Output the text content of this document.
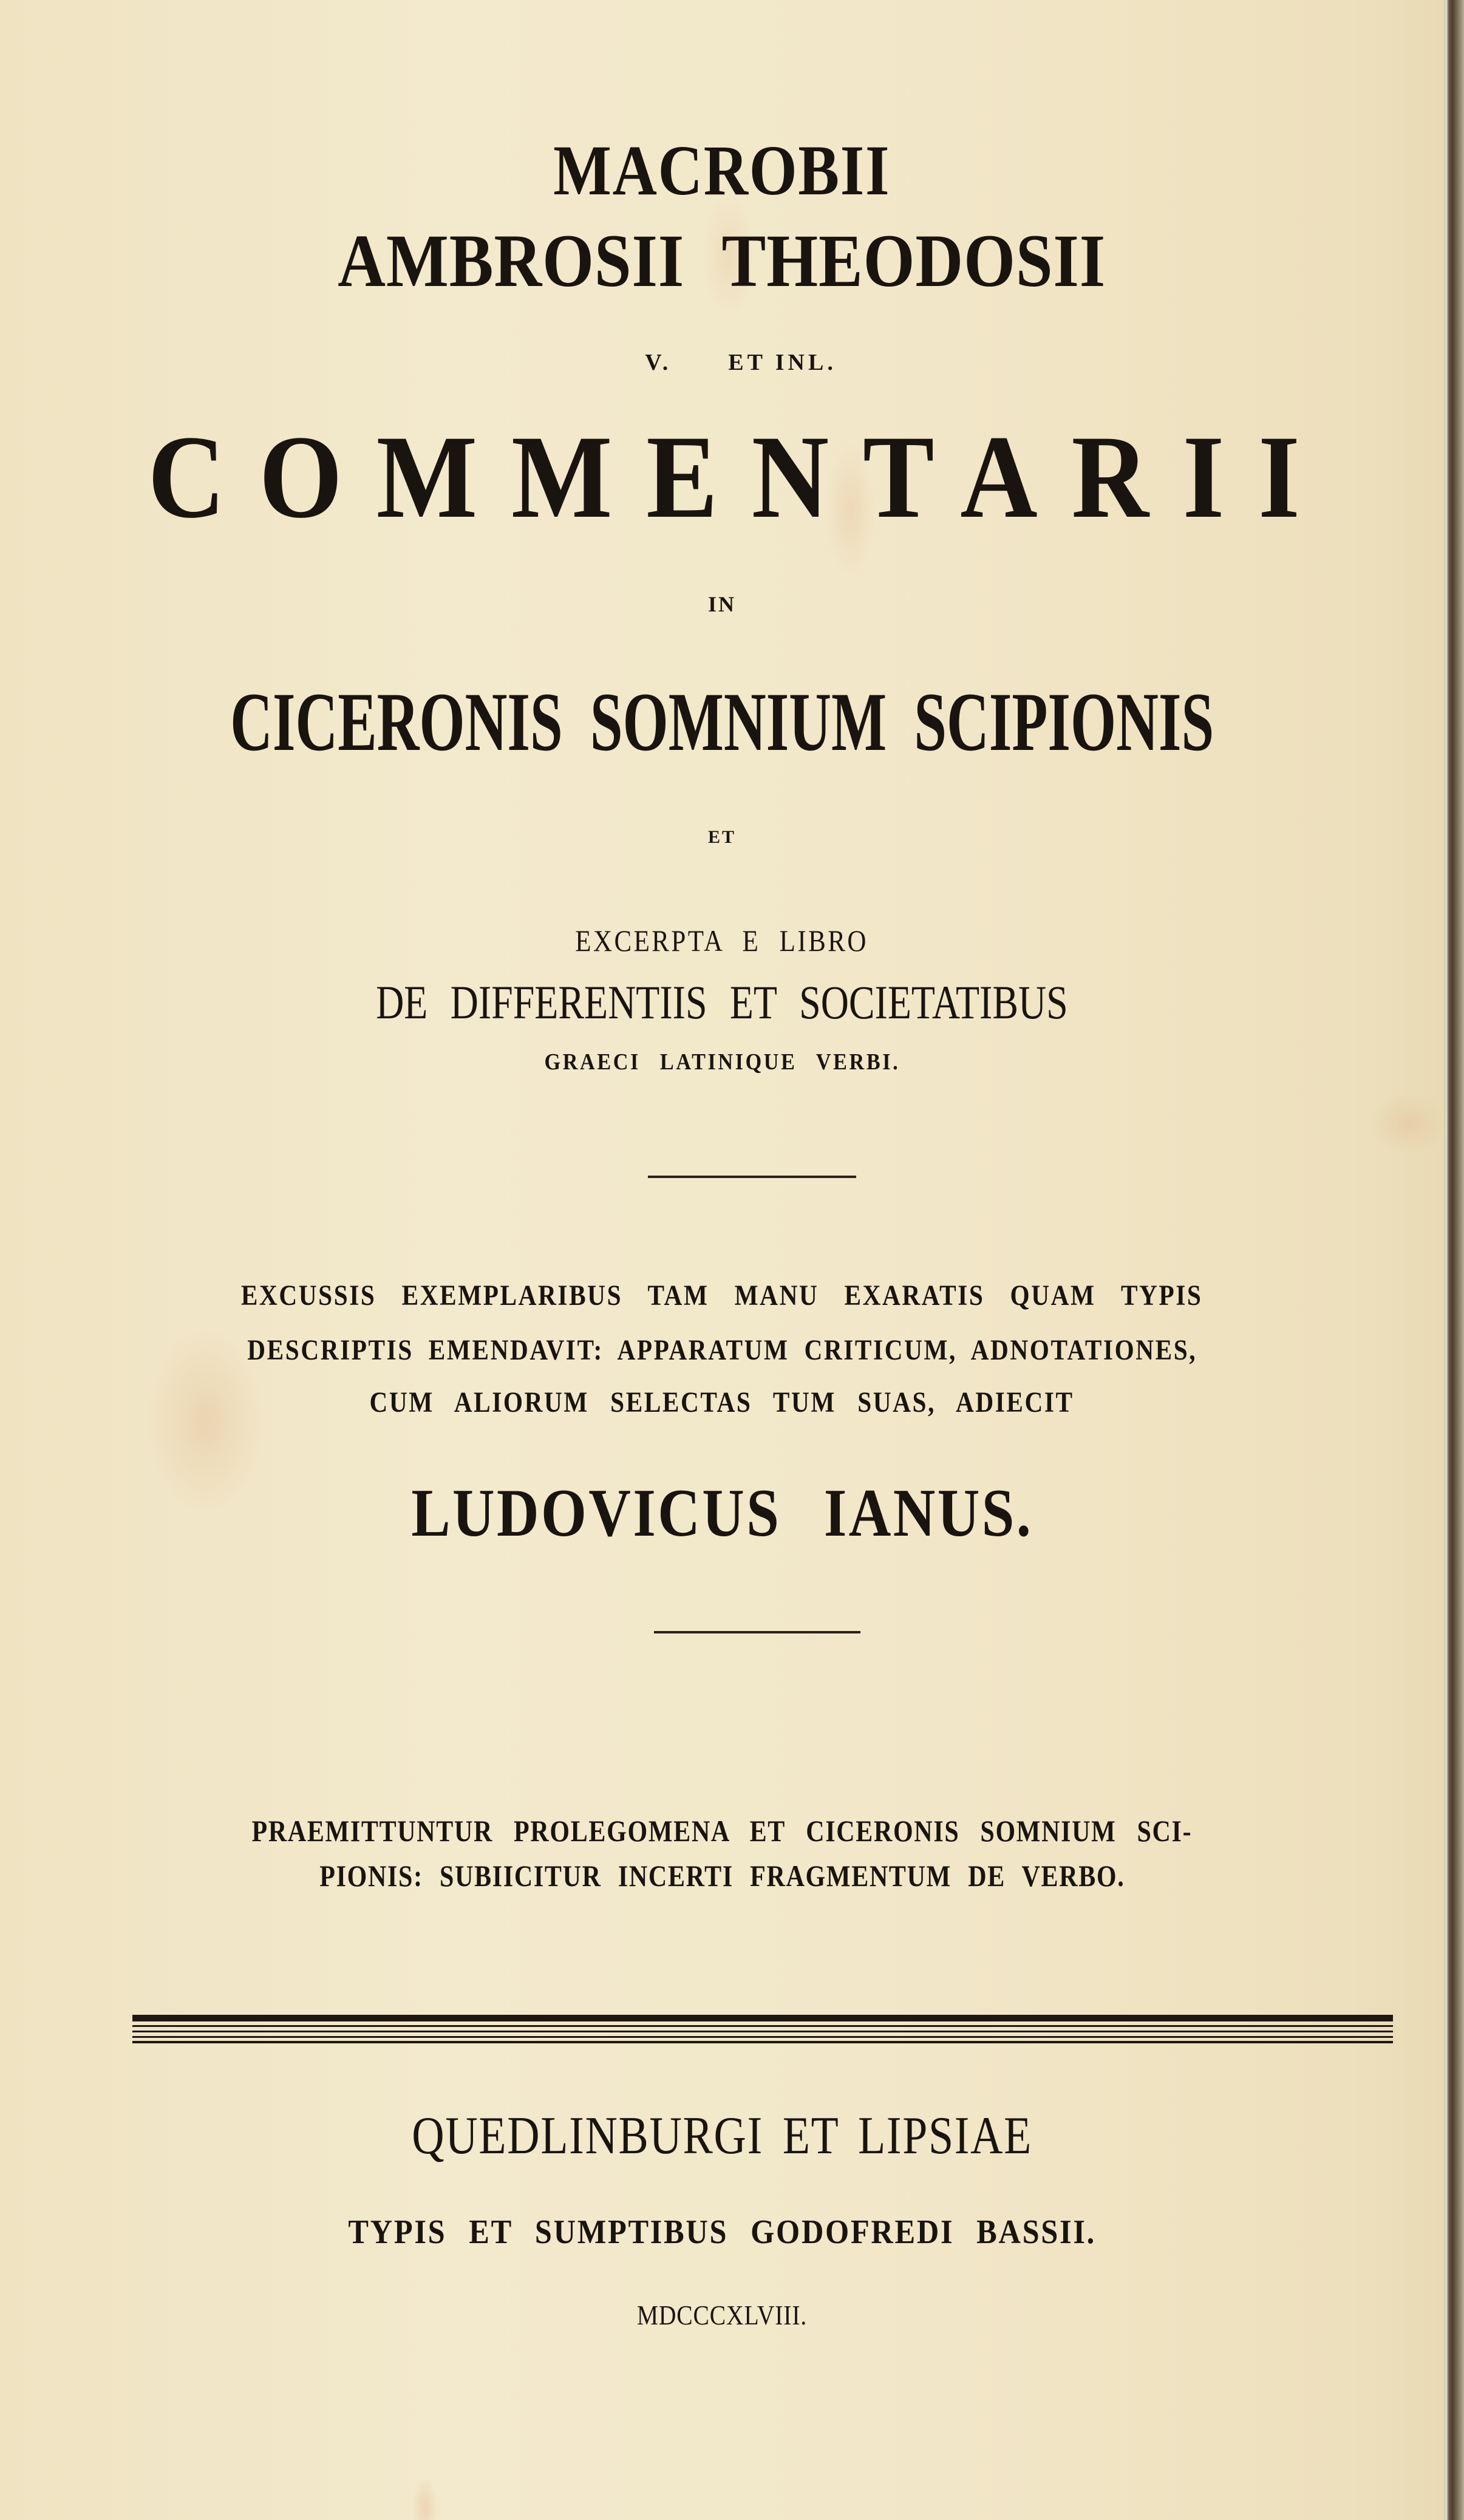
MACROBII
AMBROSII THEODOSII

V.      ET INL.

COMMENTARII
IN
CICERONIS SOMNIUM SCIPIONIS
ET
EXCERPTA E LIBRO
DE DIFFERENTIIS ET SOCIETATIBUS
GRAECI LATINIQUE VERBI.
EXCUSSIS EXEMPLARIBUS TAM MANU EXARATIS QUAM TYPIS
DESCRIPTIS EMENDAVIT: APPARATUM CRITICUM, ADNOTATIONES,
CUM ALIORUM SELECTAS TUM SUAS, ADIECIT
LUDOVICUS IANUS.
PRAEMITTUNTUR PROLEGOMENA ET CICERONIS SOMNIUM SCI-
PIONIS: SUBIICITUR INCERTI FRAGMENTUM DE VERBO.
QUEDLINBURGI ET LIPSIAE
TYPIS ET SUMPTIBUS GODOFREDI BASSII.
MDCCCXLVIII.
